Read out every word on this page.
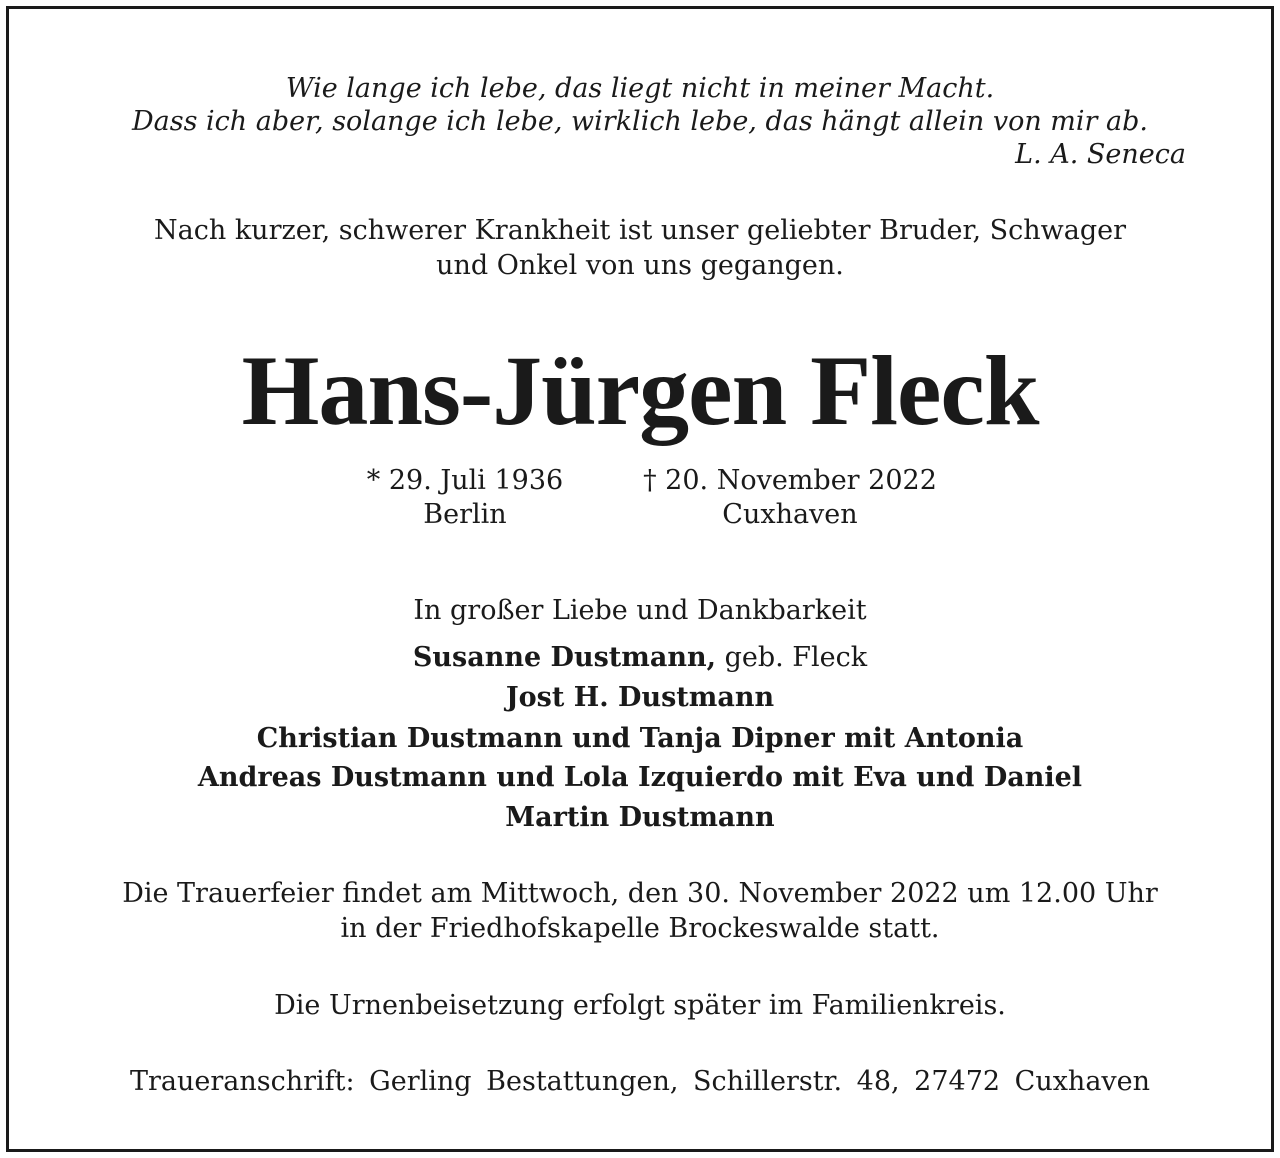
Wie lange ich lebe, das liegt nicht in meiner Macht.
Dass ich aber, solange ich lebe, wirklich lebe, das hängt allein von mir ab.
L. A. Seneca
Nach kurzer, schwerer Krankheit ist unser geliebter Bruder, Schwager
und Onkel von uns gegangen.
Hans-Jürgen Fleck
* 29. Juli 1936
Berlin
† 20. November 2022
Cuxhaven
In großer Liebe und Dankbarkeit
Susanne Dustmann, geb. Fleck
Jost H. Dustmann
Christian Dustmann und Tanja Dipner mit Antonia
Andreas Dustmann und Lola Izquierdo mit Eva und Daniel
Martin Dustmann
Die Trauerfeier findet am Mittwoch, den 30. November 2022 um 12.00 Uhr
in der Friedhofskapelle Brockeswalde statt.
Die Urnenbeisetzung erfolgt später im Familienkreis.
Traueranschrift: Gerling Bestattungen, Schillerstr. 48, 27472 Cuxhaven
